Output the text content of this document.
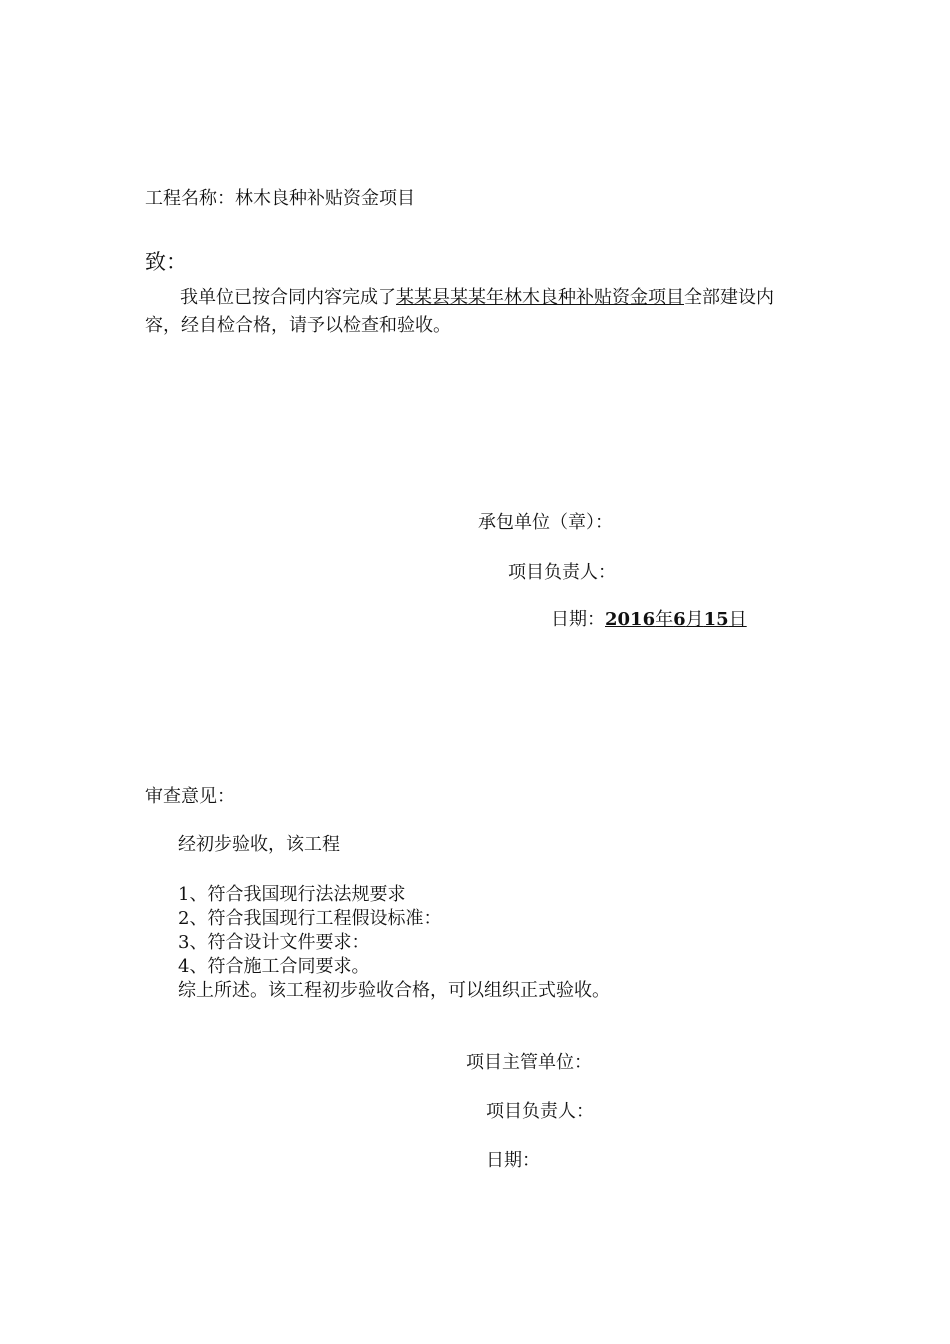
工程名称：林木良种补贴资金项目
致：
我单位已按合同内容完成了某某县某某年林木良种补贴资金项目全部建设内
容，经自检合格，请予以检查和验收。
承包单位（章）：
项目负责人：
日期：2016年6月15日
审查意见：
经初步验收，该工程
1、符合我国现行法法规要求
2、符合我国现行工程假设标准：
3、符合设计文件要求：
4、符合施工合同要求。
综上所述。该工程初步验收合格，可以组织正式验收。
项目主管单位：
项目负责人：
日期：
